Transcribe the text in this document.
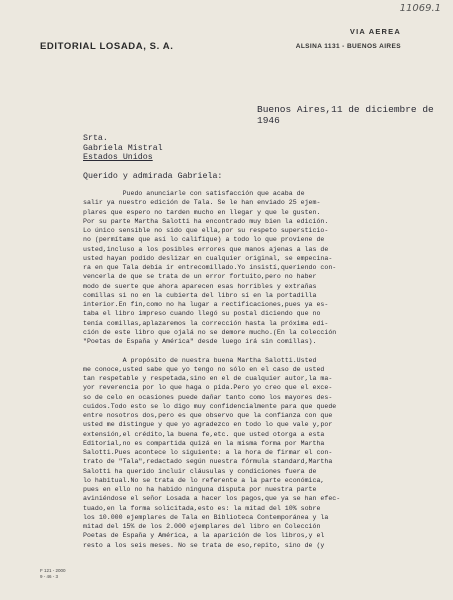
11069.1
EDITORIAL LOSADA, S. A.
VIA AEREA
ALSINA 1131 - BUENOS AIRES
Buenos Aires,11 de diciembre de 1946
Srta.
Gabriela Mistral
Estados Unidos
Querido y admirada Gabriela:
Puedo anunciarle con satisfacción que acaba de
salir ya nuestro edición de Tala. Se le han enviado 25 ejem-
plares que espero no tarden mucho en llegar y que le gusten.
Por su parte Martha Salotti ha encontrado muy bien la edición.
Lo único sensible no sido que ella,por su respeto supersticio-
no (permítame que así lo califique) a todo lo que proviene de
usted,incluso a los posibles errores que manos ajenas a las de
usted hayan podido deslizar en cualquier original, se empecina-
ra en que Tala debía ir entrecomillado.Yo insistí,queriendo con-
vencerla de que se trata de un error fortuito,pero no haber
modo de suerte que ahora aparecen esas horribles y extrañas
comillas si no en la cubierta del libro sí en la portadilla
interior.En fin,como no ha lugar a rectificaciones,pues ya es-
taba el libro impreso cuando llegó su postal diciendo que no
tenía comillas,aplazaremos la corrección hasta la próxima edi-
ción de este libro que ojalá no se demore mucho.(En la colección
"Poetas de España y América" desde luego irá sin comillas).

A propósito de nuestra buena Martha Salotti.Usted
me conoce,usted sabe que yo tengo no sólo en el caso de usted
tan respetable y respetada,sino en el de cualquier autor,la ma-
yor reverencia por lo que haga o pida.Pero yo creo que el exce-
so de celo en ocasiones puede dañar tanto como los mayores des-
cuidos.Todo esto se lo digo muy confidencialmente para que quede
entre nosotros dos,pero es que observo que la confianza con que
usted me distingue y que yo agradezco en todo lo que vale y,por
extensión,el crédito,la buena fe,etc. que usted otorga a esta
Editorial,no es compartida quizá en la misma forma por Martha
Salotti.Pues acontece lo siguiente: a la hora de firmar el con-
trato de "Tala",redactado según nuestra fórmula standard,Martha
Salotti ha querido incluir cláusulas y condiciones fuera de
lo habitual.No se trata de lo referente a la parte económica,
pues en ello no ha habido ninguna disputa por nuestra parte
aviniéndose el señor Losada a hacer los pagos,que ya se han efec-
tuado,en la forma solicitada,esto es: la mitad del 10% sobre
los 10.000 ejemplares de Tala en Biblioteca Contemporánea y la
mitad del 15% de los 2.000 ejemplares del libro en Colección
Poetas de España y América, a la aparición de los libros,y el
resto a los seis meses. No se trata de eso,repito, sino de (y
F 121 - 2000
9 - 46 - 3
